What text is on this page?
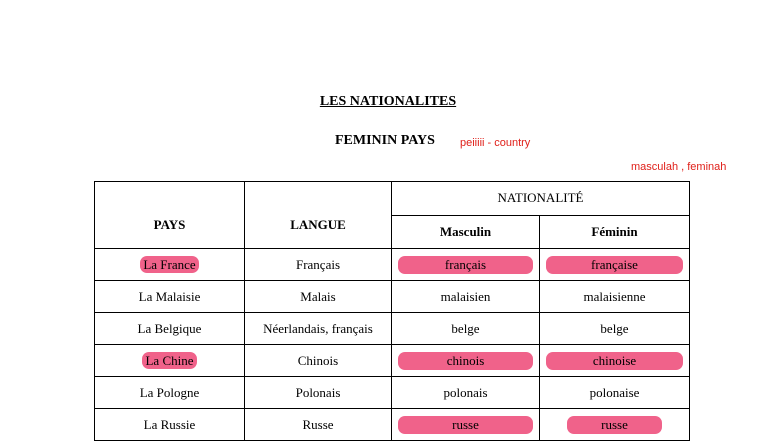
LES NATIONALITES
FEMININ PAYS peiiiii - country
masculah , feminah
PAYS	LANGUE	NATIONALITÉ	
		Masculin	Féminin
La France	Français	français	française
La Malaisie	Malais	malaisien	malaisienne
La Belgique	Néerlandais, français	belge	belge
La Chine	Chinois	chinois	chinoise
La Pologne	Polonais	polonais	polonaise
La Russie	Russe	russe	russe
